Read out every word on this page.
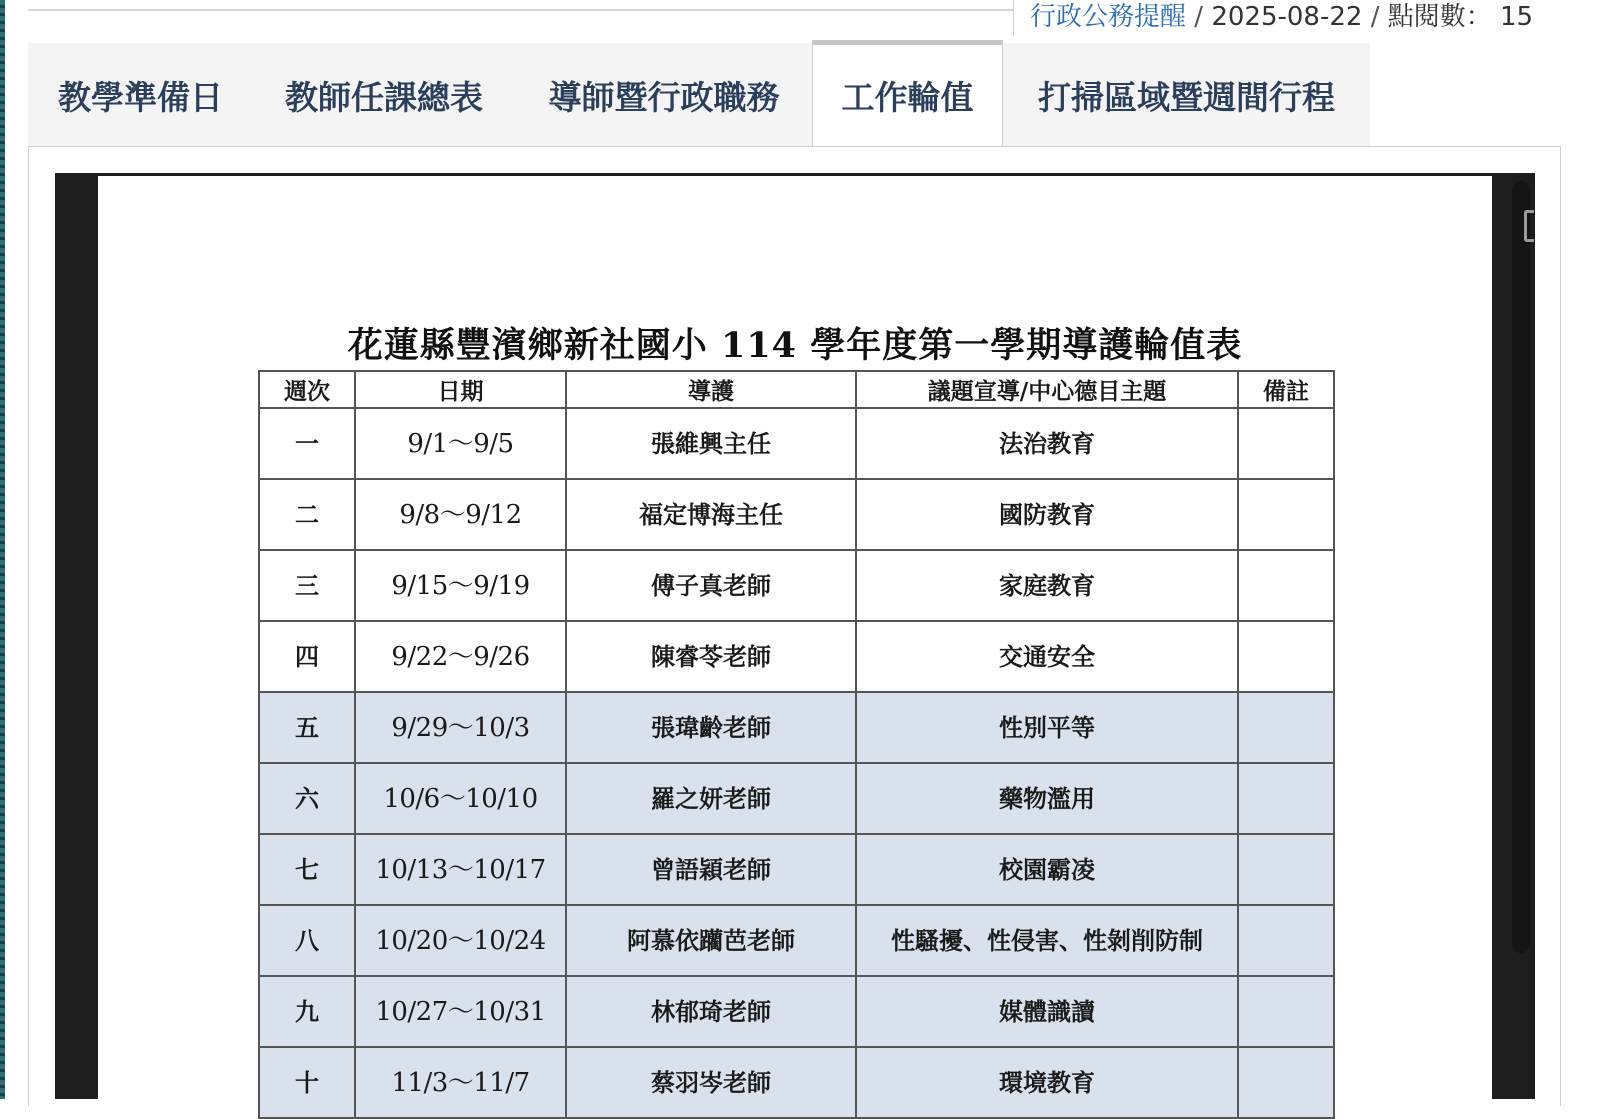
行政公務提醒 / 2025-08-22 / 點閱數： 15
教學準備日	教師任課總表	導師暨行政職務	工作輪值	打掃區域暨週間行程
花蓮縣豐濱鄉新社國小 114 學年度第一學期導護輪值表
週次	日期	導護	議題宣導/中心德目主題	備註
一	9/1～9/5	張維興主任	法治教育	
二	9/8～9/12	福定博海主任	國防教育	
三	9/15～9/19	傅子真老師	家庭教育	
四	9/22～9/26	陳睿苓老師	交通安全	
五	9/29～10/3	張瑋齡老師	性別平等	
六	10/6～10/10	羅之妍老師	藥物濫用	
七	10/13～10/17	曾語穎老師	校園霸凌	
八	10/20～10/24	阿慕依躪芭老師	性騷擾、性侵害、性剝削防制	
九	10/27～10/31	林郁琦老師	媒體識讀	
十	11/3～11/7	蔡羽岑老師	環境教育	
